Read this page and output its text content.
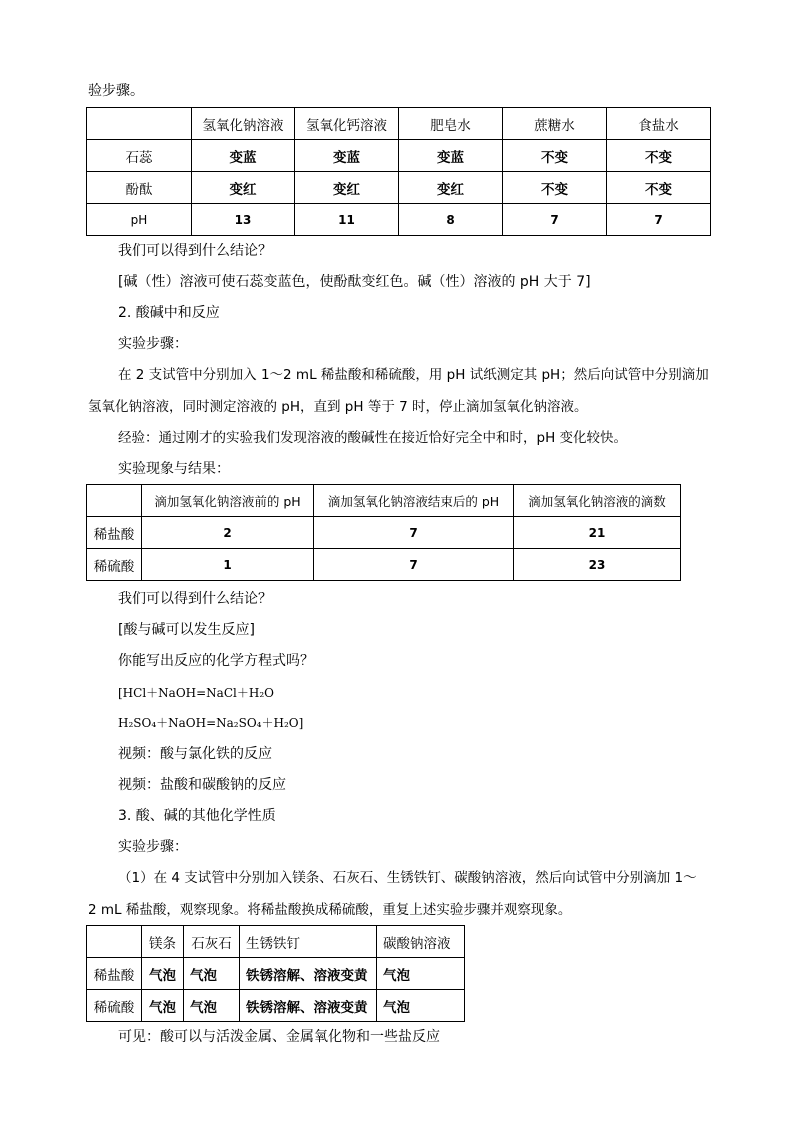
验步骤。
	氢氧化钠溶液	氢氧化钙溶液	肥皂水	蔗糖水	食盐水
石蕊	变蓝	变蓝	变蓝	不变	不变
酚酞	变红	变红	变红	不变	不变
pH	13	11	8	7	7
我们可以得到什么结论？
[碱（性）溶液可使石蕊变蓝色，使酚酞变红色。碱（性）溶液的 pH 大于 7]
2. 酸碱中和反应
实验步骤：
在 2 支试管中分别加入 1～2 mL 稀盐酸和稀硫酸，用 pH 试纸测定其 pH；然后向试管中分别滴加
氢氧化钠溶液，同时测定溶液的 pH，直到 pH 等于 7 时，停止滴加氢氧化钠溶液。
经验：通过刚才的实验我们发现溶液的酸碱性在接近恰好完全中和时，pH 变化较快。
实验现象与结果：
	滴加氢氧化钠溶液前的 pH	滴加氢氧化钠溶液结束后的 pH	滴加氢氧化钠溶液的滴数
稀盐酸	2	7	21
稀硫酸	1	7	23
我们可以得到什么结论？
[酸与碱可以发生反应]
你能写出反应的化学方程式吗？
[HCl＋NaOH=NaCl＋H₂O
H₂SO₄＋NaOH=Na₂SO₄＋H₂O]
视频：酸与氯化铁的反应
视频：盐酸和碳酸钠的反应
3. 酸、碱的其他化学性质
实验步骤：
（1）在 4 支试管中分别加入镁条、石灰石、生锈铁钉、碳酸钠溶液，然后向试管中分别滴加 1～
2 mL 稀盐酸，观察现象。将稀盐酸换成稀硫酸，重复上述实验步骤并观察现象。
	镁条	石灰石	生锈铁钉	碳酸钠溶液
稀盐酸	气泡	气泡	铁锈溶解、溶液变黄	气泡
稀硫酸	气泡	气泡	铁锈溶解、溶液变黄	气泡
可见：酸可以与活泼金属、金属氧化物和一些盐反应
